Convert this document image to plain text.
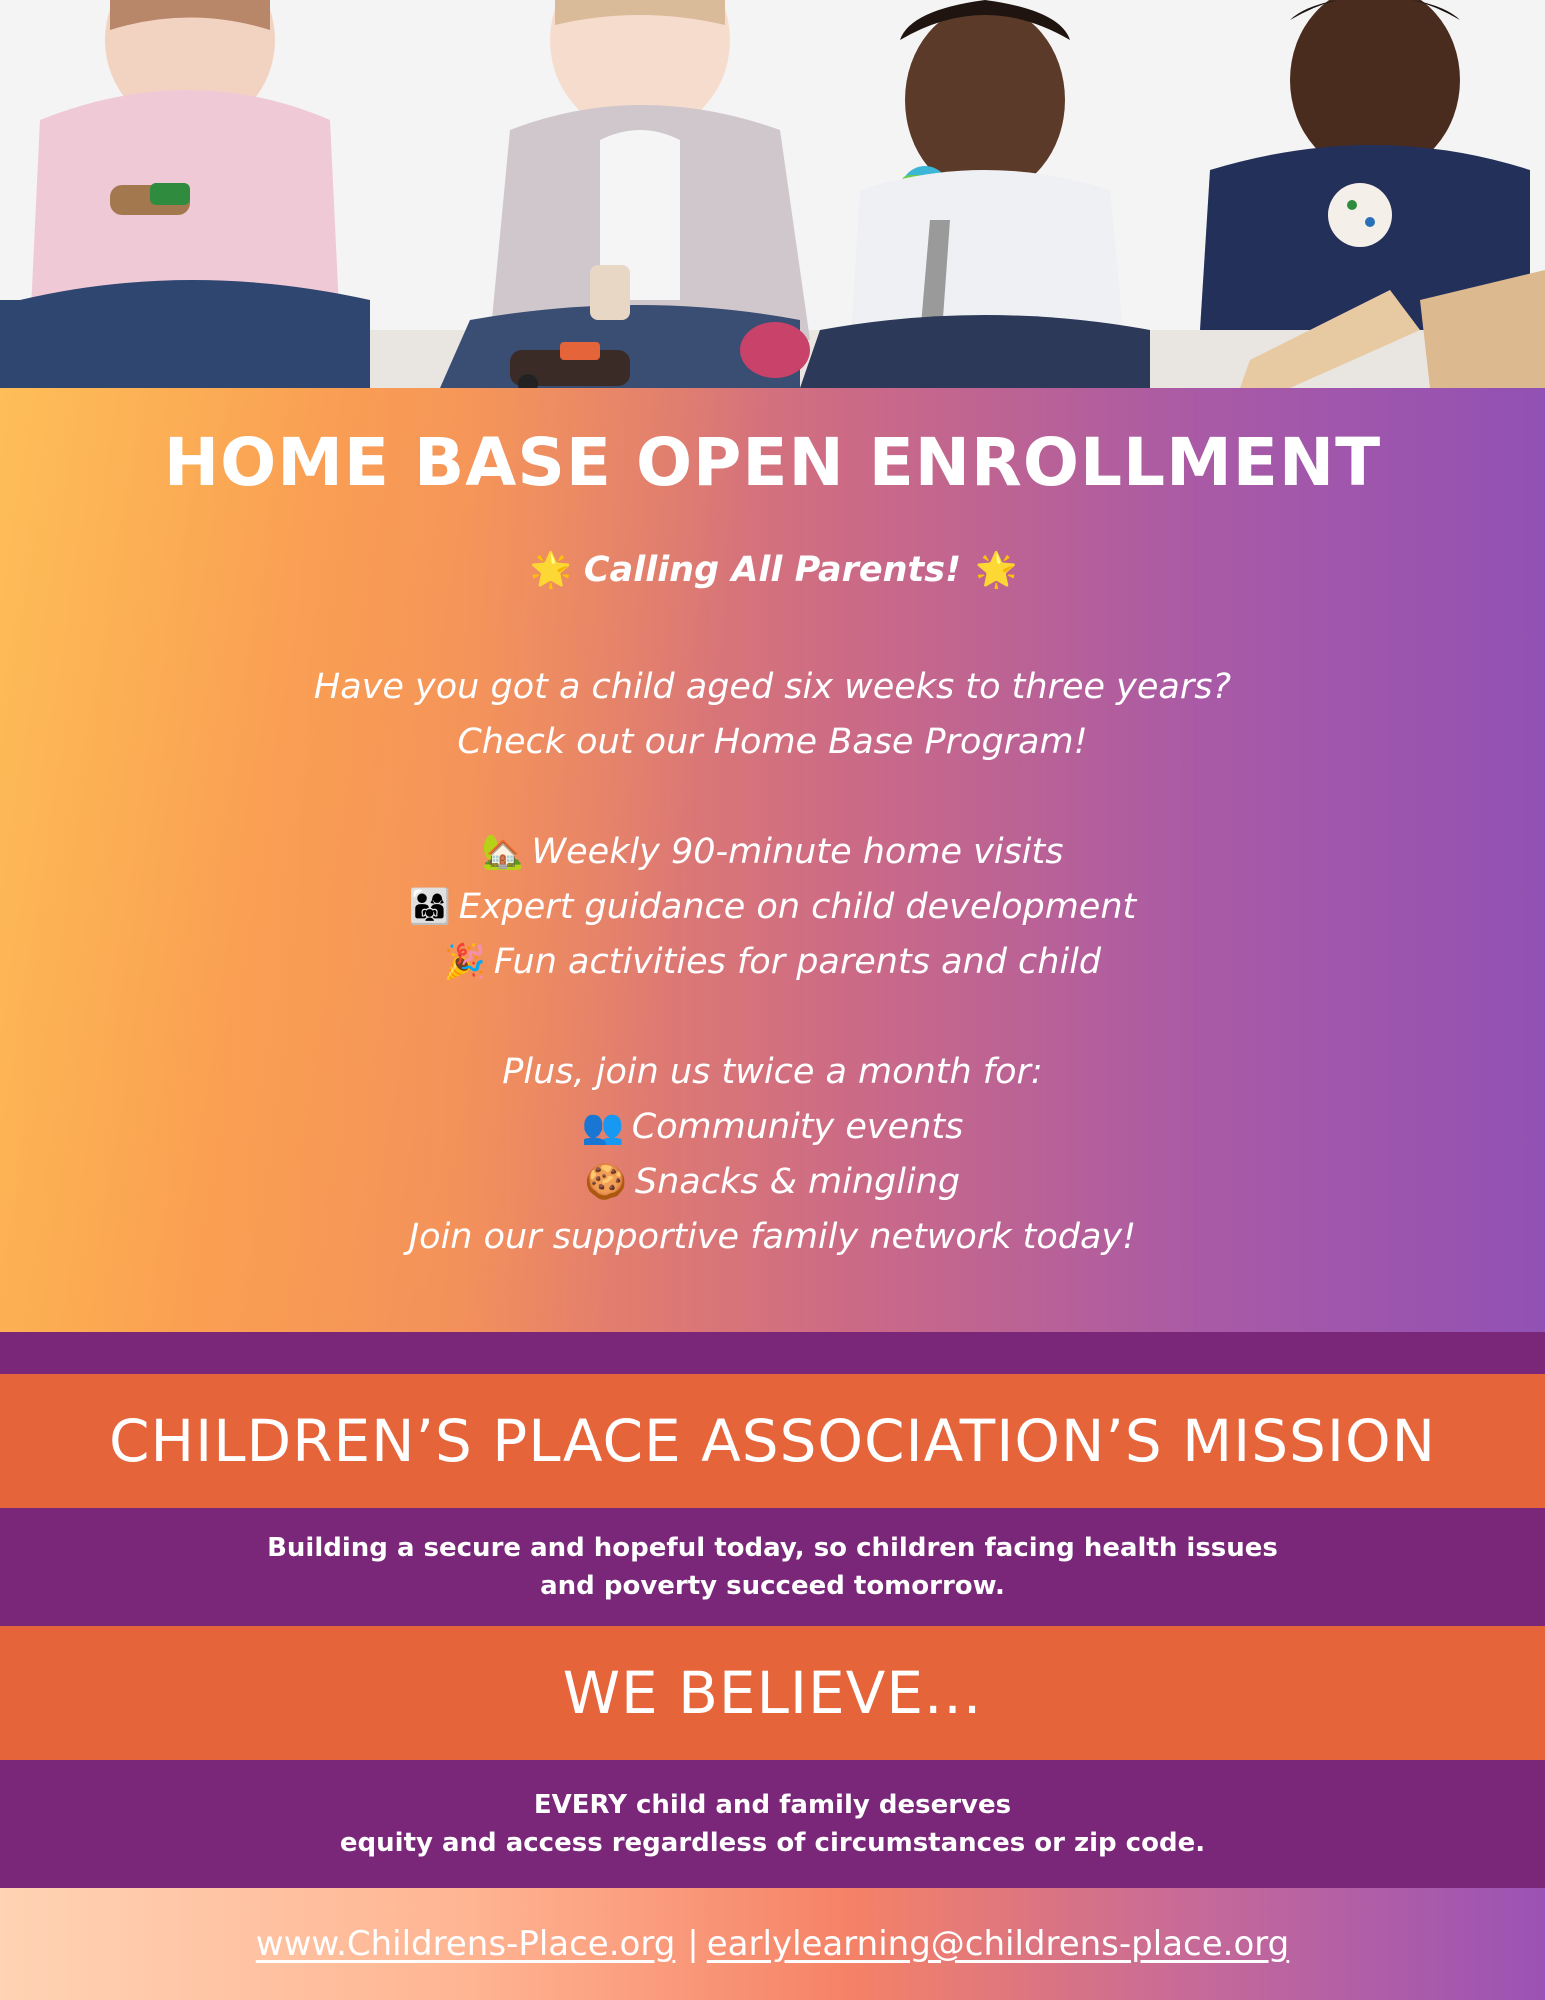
HOME BASE OPEN ENROLLMENT
🌟 Calling All Parents! 🌟
Have you got a child aged six weeks to three years?
Check out our Home Base Program!
🏡 Weekly 90-minute home visits
👨‍👩‍👧 Expert guidance on child development
🎉 Fun activities for parents and child
Plus, join us twice a month for:
👥 Community events
🍪 Snacks & mingling
Join our supportive family network today!
CHILDREN’S PLACE ASSOCIATION’S MISSION
Building a secure and hopeful today, so children facing health issues
and poverty succeed tomorrow.
WE BELIEVE...
EVERY child and family deserves
equity and access regardless of circumstances or zip code.
www.Childrens-Place.org | earlylearning@childrens-place.org
